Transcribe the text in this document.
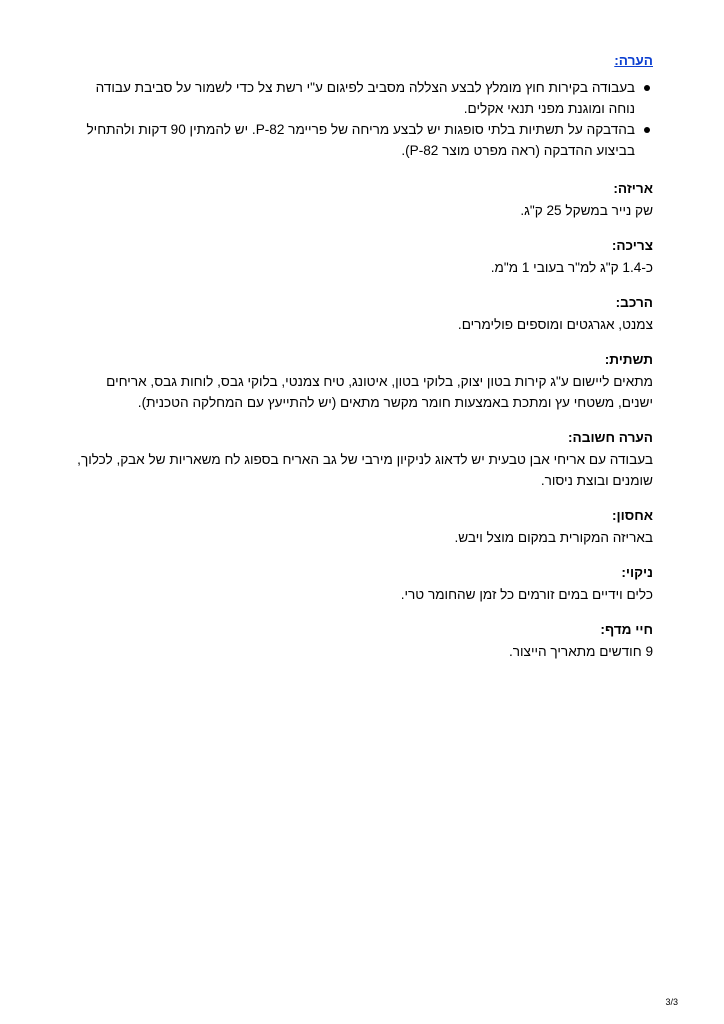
הערה:
בעבודה בקירות חוץ מומלץ לבצע הצללה מסביב לפיגום ע"י רשת צל כדי לשמור על סביבת עבודה נוחה ומוגנת מפני תנאי אקלים.
בהדבקה על תשתיות בלתי סופגות יש לבצע מריחה של פריימר P-82. יש להמתין 90 דקות ולהתחיל בביצוע ההדבקה (ראה מפרט מוצר P-82).
אריזה:
שק נייר במשקל 25 ק"ג.
צריכה:
כ-1.4 ק"ג למ"ר בעובי 1 מ"מ.
הרכב:
צמנט, אגרגטים ומוספים פולימרים.
תשתית:
מתאים ליישום ע"ג קירות בטון יצוק, בלוקי בטון, איטונג, טיח צמנטי, בלוקי גבס, לוחות גבס, אריחים ישנים, משטחי עץ ומתכת באמצעות חומר מקשר מתאים (יש להתייעץ עם המחלקה הטכנית).
הערה חשובה:
בעבודה עם אריחי אבן טבעית יש לדאוג לניקיון מירבי של גב האריח בספוג לח משאריות של אבק, לכלוך, שומנים ובוצת ניסור.
אחסון:
באריזה המקורית במקום מוצל ויבש.
ניקוי:
כלים וידיים במים זורמים כל זמן שהחומר טרי.
חיי מדף:
9 חודשים מתאריך הייצור.
3/3
